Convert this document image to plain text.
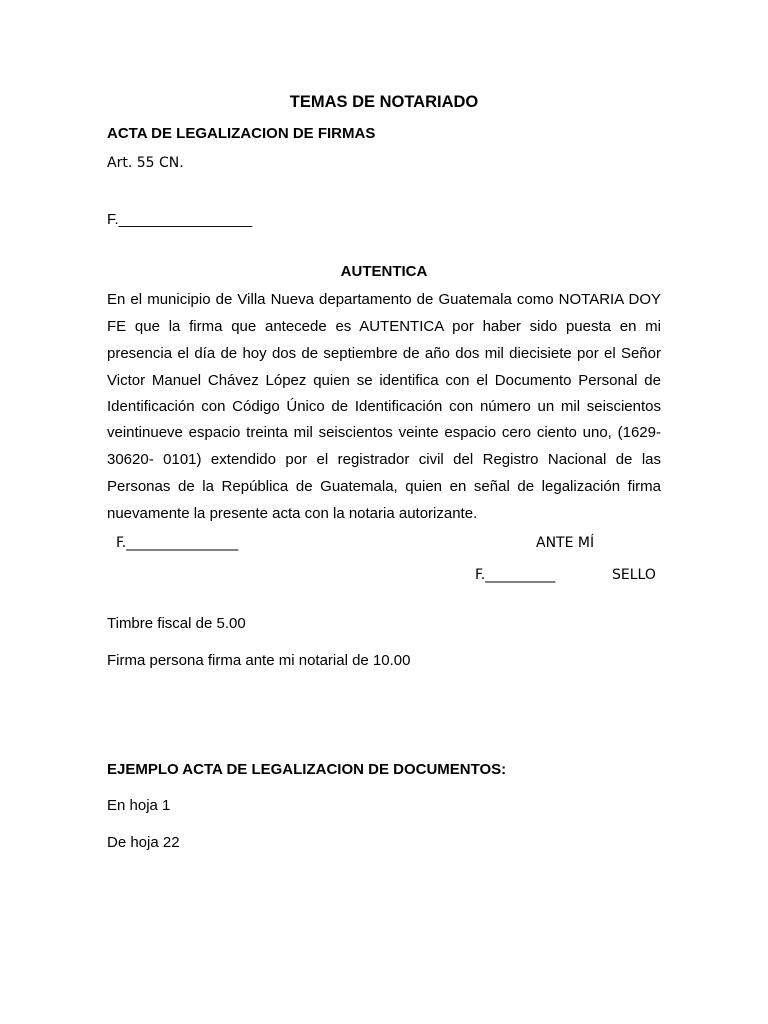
TEMAS DE NOTARIADO
ACTA DE LEGALIZACION DE FIRMAS
Art. 55 CN.
F.________________
AUTENTICA
En el municipio de Villa Nueva departamento de Guatemala como NOTARIA DOY
FE que la firma que antecede es AUTENTICA por haber sido puesta en mi
presencia el día de hoy dos de septiembre de año dos mil diecisiete por el Señor
Victor Manuel Chávez López quien se identifica con el Documento Personal de
Identificación con Código Único de Identificación con número un mil seiscientos
veintinueve espacio treinta mil seiscientos veinte espacio cero ciento uno, (1629-
30620- 0101) extendido por el registrador civil del Registro Nacional de las
Personas de la República de Guatemala, quien en señal de legalización firma
nuevamente la presente acta con la notaria autorizante.
F.________________	ANTE MÍ
F.__________	SELLO
Timbre fiscal de 5.00
Firma persona firma ante mi notarial de 10.00
EJEMPLO ACTA DE LEGALIZACION DE DOCUMENTOS:
En hoja 1
De hoja 22
